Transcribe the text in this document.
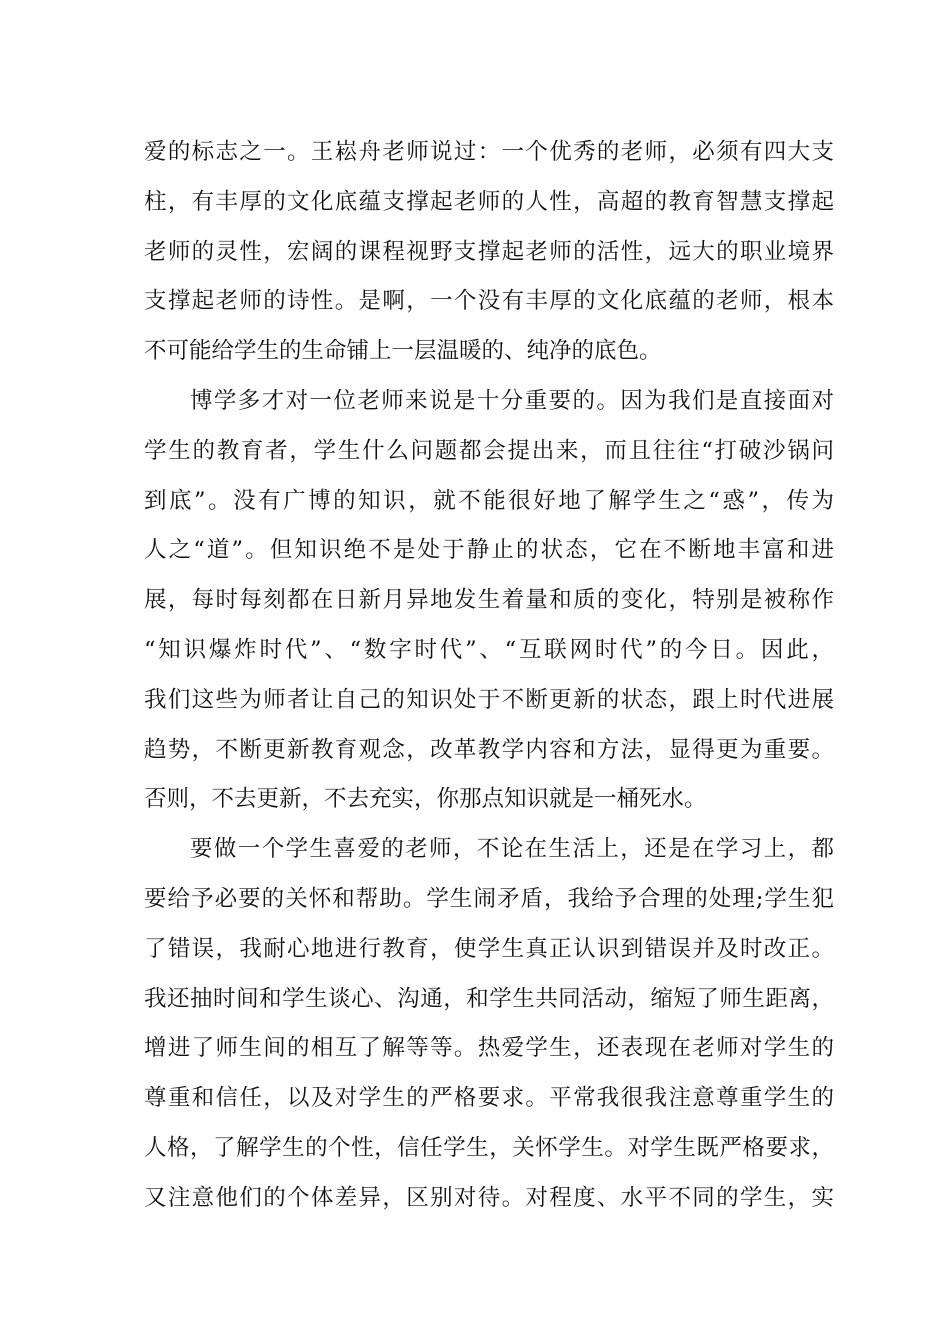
爱的标志之一。王崧舟老师说过：一个优秀的老师，必须有四大支
柱，有丰厚的文化底蕴支撑起老师的人性，高超的教育智慧支撑起
老师的灵性，宏阔的课程视野支撑起老师的活性，远大的职业境界
支撑起老师的诗性。是啊，一个没有丰厚的文化底蕴的老师，根本
不可能给学生的生命铺上一层温暖的、纯净的底色。
博学多才对一位老师来说是十分重要的。因为我们是直接面对
学生的教育者，学生什么问题都会提出来，而且往往“打破沙锅问
到底”。没有广博的知识，就不能很好地了解学生之“惑”，传为
人之“道”。但知识绝不是处于静止的状态，它在不断地丰富和进
展，每时每刻都在日新月异地发生着量和质的变化，特别是被称作
“知识爆炸时代”、“数字时代”、“互联网时代”的今日。因此，
我们这些为师者让自己的知识处于不断更新的状态，跟上时代进展
趋势，不断更新教育观念，改革教学内容和方法，显得更为重要。
否则，不去更新，不去充实，你那点知识就是一桶死水。
要做一个学生喜爱的老师，不论在生活上，还是在学习上，都
要给予必要的关怀和帮助。学生闹矛盾，我给予合理的处理;学生犯
了错误，我耐心地进行教育，使学生真正认识到错误并及时改正。
我还抽时间和学生谈心、沟通，和学生共同活动，缩短了师生距离，
增进了师生间的相互了解等等。热爱学生，还表现在老师对学生的
尊重和信任，以及对学生的严格要求。平常我很我注意尊重学生的
人格，了解学生的个性，信任学生，关怀学生。对学生既严格要求，
又注意他们的个体差异，区别对待。对程度、水平不同的学生，实
